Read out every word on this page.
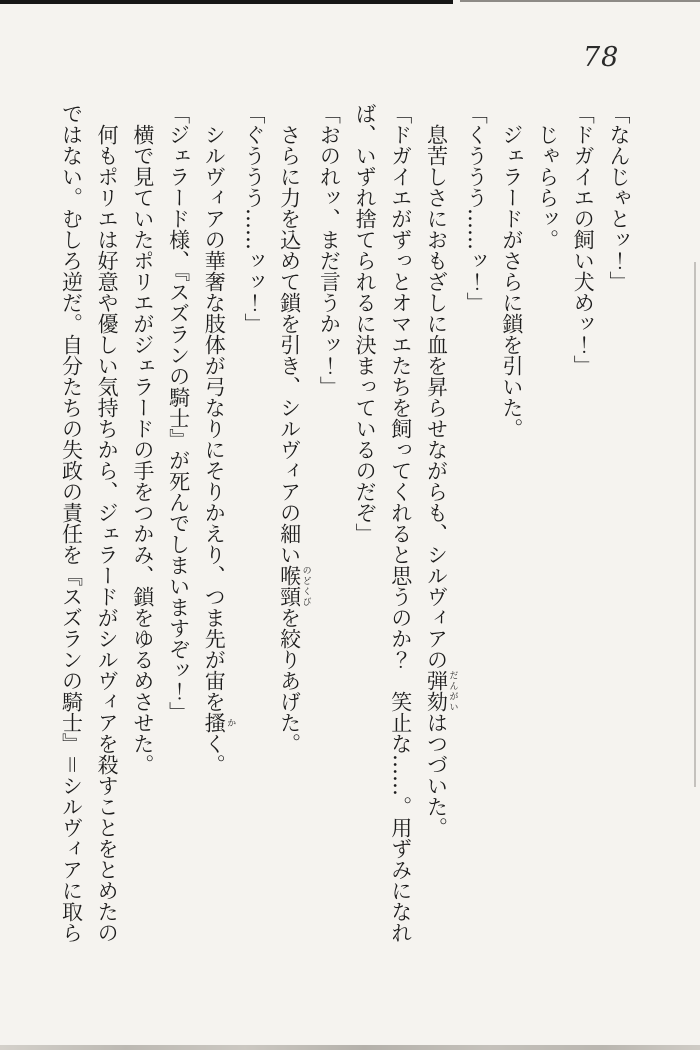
78

「なんじゃとッ！」

「ドガイエの飼い犬めッ！」

じゃららッ。

ジェラードがさらに鎖を引いた。

「くううう……ッ！」

息苦しさにおもざしに血を昇らせながらも、シルヴィアの弾劾 だんがいはつづいた。

「ドガイエがずっとオマエたちを飼ってくれると思うのか？　笑止な……。用ずみになれば、いずれ捨てられるに決まっているのだぞ」

「おのれッ、まだ言うかッ！」

さらに力を込めて鎖を引き、シルヴィアの細い喉頸 のどくびを絞りあげた。

「ぐううう……ッッ！」

シルヴィアの華奢な肢体が弓なりにそりかえり、つま先が宙を搔 かく。

「ジェラード様、『スズランの騎士』が死んでしまいますぞッ！」

横で見ていたポリエがジェラードの手をつかみ、鎖をゆるめさせた。

何もポリエは好意や優しい気持ちから、ジェラードがシルヴィアを殺すことをとめたのではない。むしろ逆だ。自分たちの失政の責任を『スズランの騎士』＝シルヴィアに取ら
